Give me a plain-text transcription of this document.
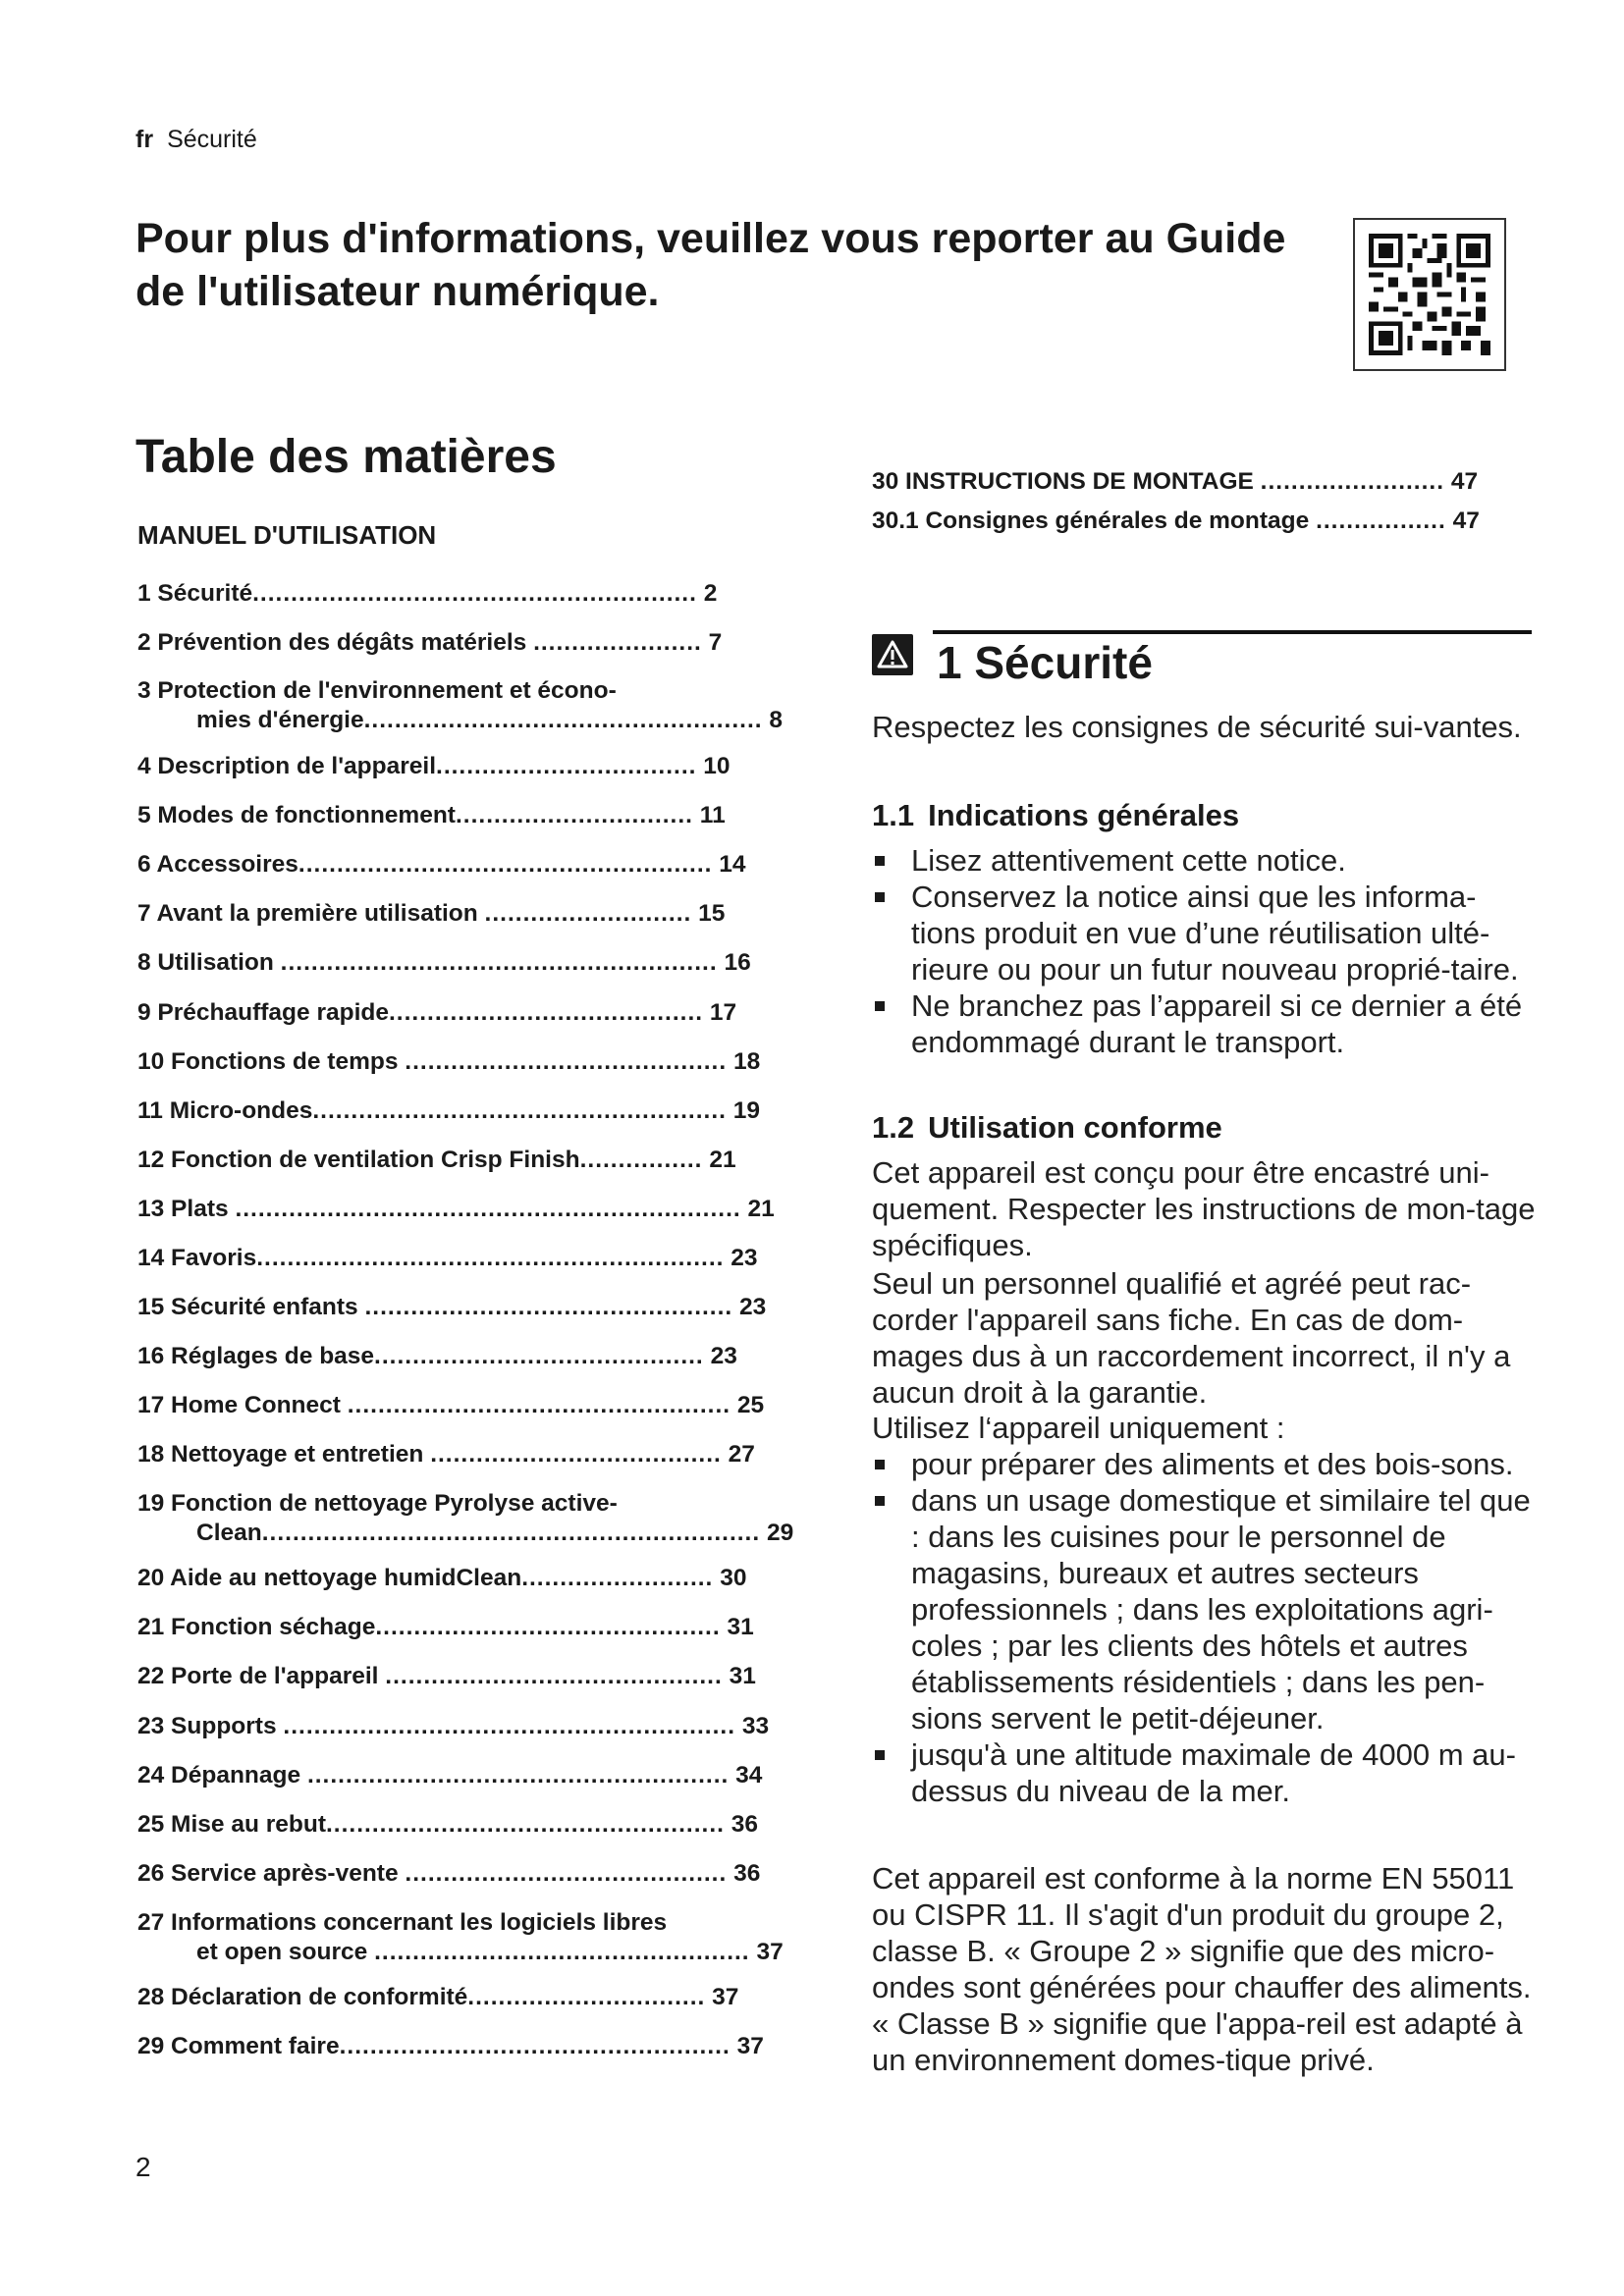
fr Sécurité
Pour plus d'informations, veuillez vous reporter au Guide de l'utilisateur numérique.
Table des matières
MANUEL D'UTILISATION
1 Sécurité.......................................................... 2
2 Prévention des dégâts matériels ...................... 7
3 Protection de l'environnement et écono-
mies d'énergie.................................................... 8
4 Description de l'appareil.................................. 10
5 Modes de fonctionnement............................... 11
6 Accessoires...................................................... 14
7 Avant la première utilisation ........................... 15
8 Utilisation ......................................................... 16
9 Préchauffage rapide......................................... 17
10 Fonctions de temps .......................................... 18
11 Micro-ondes...................................................... 19
12 Fonction de ventilation Crisp Finish................ 21
13 Plats .................................................................. 21
14 Favoris............................................................. 23
15 Sécurité enfants ................................................ 23
16 Réglages de base........................................... 23
17 Home Connect .................................................. 25
18 Nettoyage et entretien ...................................... 27
19 Fonction de nettoyage Pyrolyse active-
Clean................................................................. 29
20 Aide au nettoyage humidClean......................... 30
21 Fonction séchage............................................. 31
22 Porte de l'appareil ............................................ 31
23 Supports ........................................................... 33
24 Dépannage ....................................................... 34
25 Mise au rebut.................................................... 36
26 Service après-vente .......................................... 36
27 Informations concernant les logiciels libres
et open source ................................................. 37
28 Déclaration de conformité............................... 37
29 Comment faire................................................... 37
30 INSTRUCTIONS DE MONTAGE ........................ 47
30.1 Consignes générales de montage ................. 47
1 Sécurité

Respectez les consignes de sécurité sui-vantes.

1.1 Indications générales
Lisez attentivement cette notice.
Conservez la notice ainsi que les informa-tions produit en vue d’une réutilisation ulté-rieure ou pour un futur nouveau proprié-taire.
Ne branchez pas l’appareil si ce dernier a été endommagé durant le transport.
1.2 Utilisation conforme

Cet appareil est conçu pour être encastré uni-quement. Respecter les instructions de mon-tage spécifiques.

Seul un personnel qualifié et agréé peut rac-corder l'appareil sans fiche. En cas de dom-mages dus à un raccordement incorrect, il n'y a aucun droit à la garantie.

Utilisez l‘appareil uniquement :

pour préparer des aliments et des bois-sons.
dans un usage domestique et similaire tel que : dans les cuisines pour le personnel de magasins, bureaux et autres secteurs professionnels ; dans les exploitations agri-coles ; par les clients des hôtels et autres établissements résidentiels ; dans les pen-sions servent le petit-déjeuner.
jusqu'à une altitude maximale de 4000 m au-dessus du niveau de la mer.

Cet appareil est conforme à la norme EN 55011 ou CISPR 11. Il s'agit d'un produit du groupe 2, classe B. « Groupe 2 » signifie que des micro-ondes sont générées pour chauffer des aliments. « Classe B » signifie que l'appa-reil est adapté à un environnement domes-tique privé.

2
